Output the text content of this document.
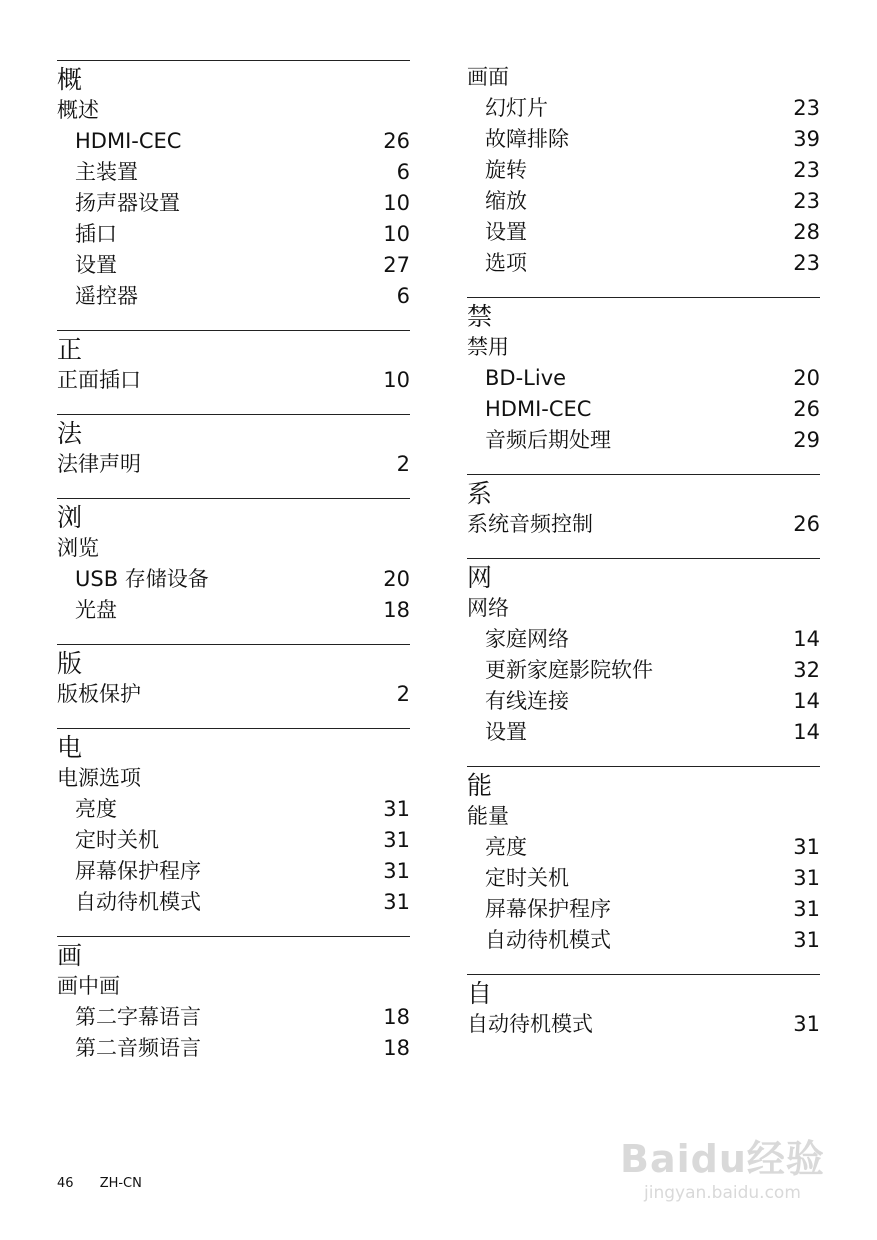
概
概述
HDMI-CEC	26
主装置	6
扬声器设置	10
插口	10
设置	27
遥控器	6
正
正面插口	10
法
法律声明	2
浏
浏览
USB 存储设备	20
光盘	18
版
版板保护	2
电
电源选项
亮度	31
定时关机	31
屏幕保护程序	31
自动待机模式	31
画
画中画
第二字幕语言	18
第二音频语言	18
画面
幻灯片	23
故障排除	39
旋转	23
缩放	23
设置	28
选项	23
禁
禁用
BD-Live	20
HDMI-CEC	26
音频后期处理	29
系
系统音频控制	26
网
网络
家庭网络	14
更新家庭影院软件	32
有线连接	14
设置	14
能
能量
亮度	31
定时关机	31
屏幕保护程序	31
自动待机模式	31
自
自动待机模式	31
46 ZH-CN
Baidu经验
jingyan.baidu.com
